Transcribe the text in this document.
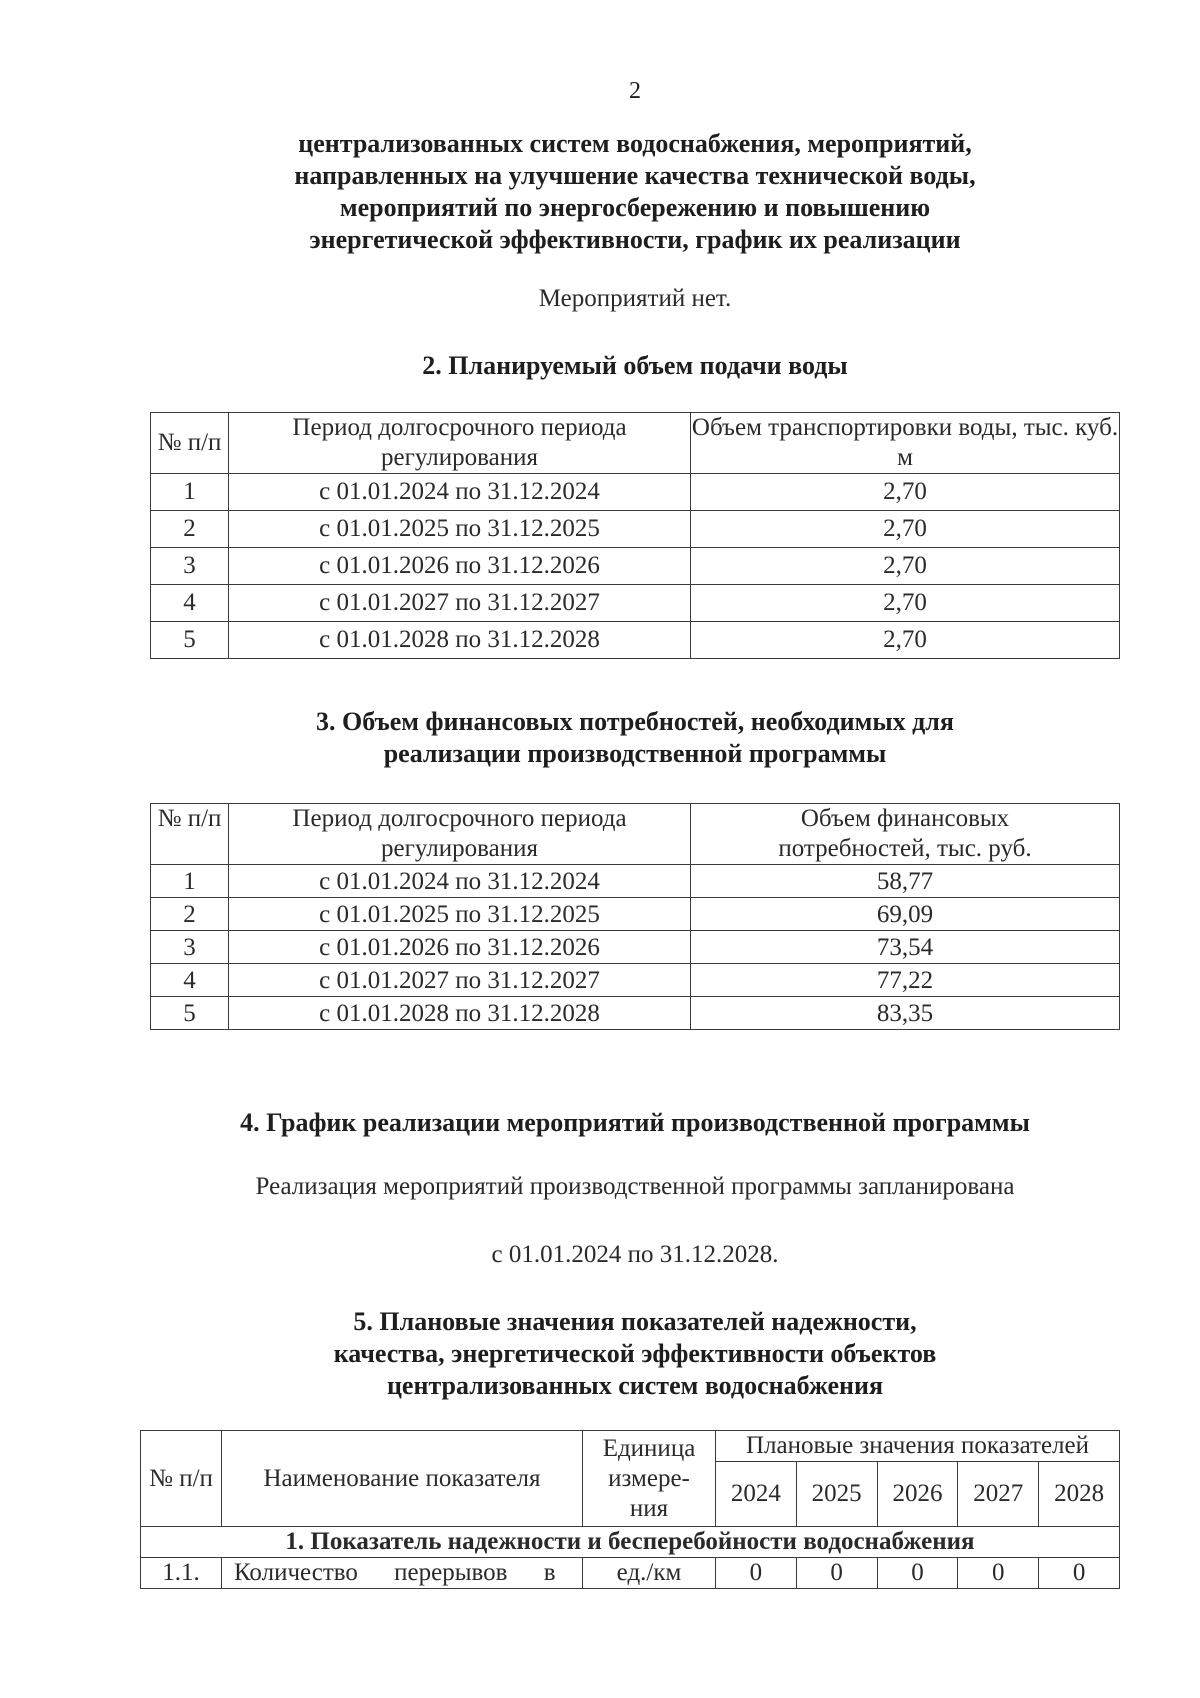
2
централизованных систем водоснабжения, мероприятий,
направленных на улучшение качества технической воды,
мероприятий по энергосбережению и повышению
энергетической эффективности, график их реализации
Мероприятий нет.
2. Планируемый объем подачи воды
№ п/п	Период долгосрочного периода регулирования	Объем транспортировки воды, тыс. куб. м
1	с 01.01.2024 по 31.12.2024	2,70
2	с 01.01.2025 по 31.12.2025	2,70
3	с 01.01.2026 по 31.12.2026	2,70
4	с 01.01.2027 по 31.12.2027	2,70
5	с 01.01.2028 по 31.12.2028	2,70
3. Объем финансовых потребностей, необходимых для
реализации производственной программы
№ п/п	Период долгосрочного периода регулирования	Объем финансовых потребностей, тыс. руб.
1	с 01.01.2024 по 31.12.2024	58,77
2	с 01.01.2025 по 31.12.2025	69,09
3	с 01.01.2026 по 31.12.2026	73,54
4	с 01.01.2027 по 31.12.2027	77,22
5	с 01.01.2028 по 31.12.2028	83,35
4. График реализации мероприятий производственной программы
Реализация мероприятий производственной программы запланирована
с 01.01.2024 по 31.12.2028.
5. Плановые значения показателей надежности,
качества, энергетической эффективности объектов
централизованных систем водоснабжения
№ п/п	Наименование показателя	Единица измере-ния	Плановые значения показателей				
			2024	2025	2026	2027	2028
1. Показатель надежности и бесперебойности водоснабжения							
1.1.	Количество перерывов в	ед./км	0	0	0	0	0
